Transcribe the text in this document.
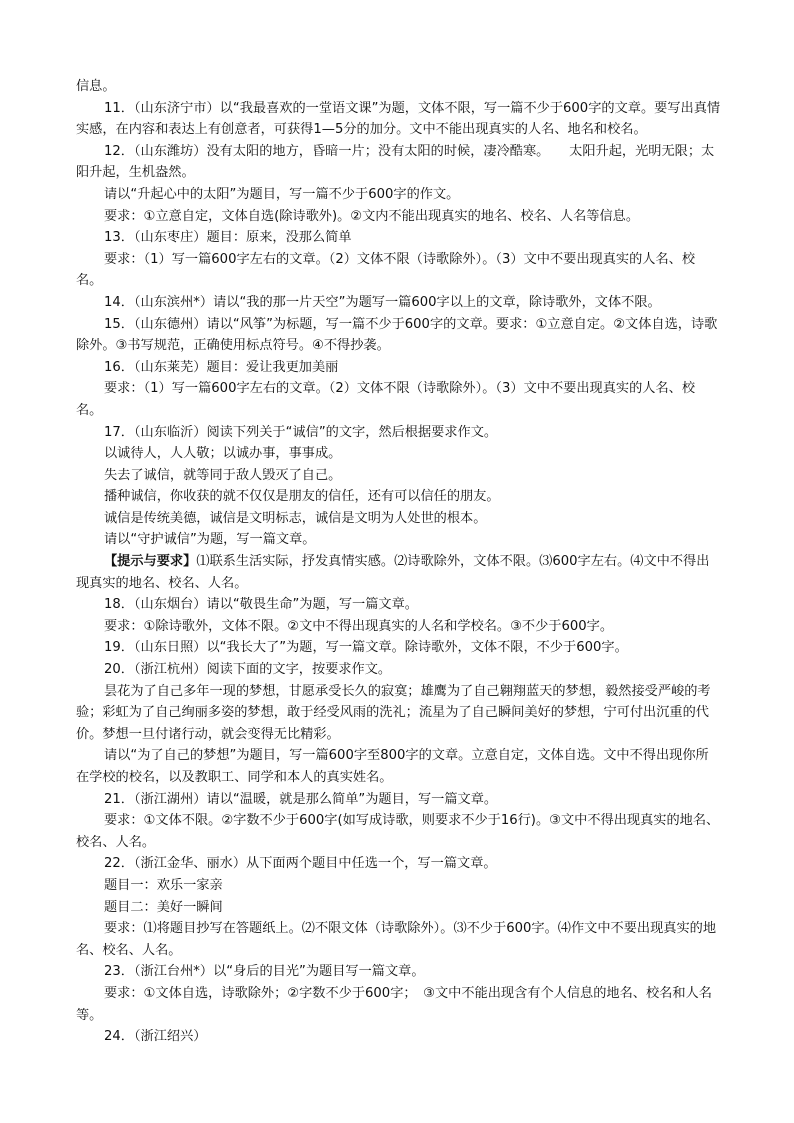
信息。

11．（山东济宁市）以“我最喜欢的一堂语文课”为题，文体不限，写一篇不少于600字的文章。要写出真情实感，在内容和表达上有创意者，可获得1—5分的加分。文中不能出现真实的人名、地名和校名。

12．（山东潍坊）没有太阳的地方，昏暗一片；没有太阳的时候，凄冷酷寒。　　太阳升起，光明无限；太阳升起，生机盎然。

请以“升起心中的太阳”为题目，写一篇不少于600字的作文。

要求：①立意自定，文体自选(除诗歌外)。②文内不能出现真实的地名、校名、人名等信息。

13．（山东枣庄）题目：原来，没那么简单

要求：（1）写一篇600字左右的文章。（2）文体不限（诗歌除外）。（3）文中不要出现真实的人名、校名。

14．（山东滨州*）请以“我的那一片天空”为题写一篇600字以上的文章，除诗歌外，文体不限。

15．（山东德州）请以“风筝”为标题，写一篇不少于600字的文章。要求：①立意自定。②文体自选，诗歌除外。③书写规范，正确使用标点符号。④不得抄袭。

16．（山东莱芜）题目：爱让我更加美丽

要求：（1）写一篇600字左右的文章。（2）文体不限（诗歌除外）。（3）文中不要出现真实的人名、校名。

17．（山东临沂）阅读下列关于“诚信”的文字，然后根据要求作文。

以诚待人，人人敬；以诚办事，事事成。

失去了诚信，就等同于敌人毁灭了自己。

播种诚信，你收获的就不仅仅是朋友的信任，还有可以信任的朋友。

诚信是传统美德，诚信是文明标志，诚信是文明为人处世的根本。

请以“守护诚信”为题，写一篇文章。

【提示与要求】⑴联系生活实际，抒发真情实感。⑵诗歌除外，文体不限。⑶600字左右。⑷文中不得出现真实的地名、校名、人名。

18．（山东烟台）请以“敬畏生命”为题，写一篇文章。

要求：①除诗歌外，文体不限。②文中不得出现真实的人名和学校名。③不少于600字。

19．（山东日照）以“我长大了”为题，写一篇文章。除诗歌外，文体不限，不少于600字。

20．（浙江杭州）阅读下面的文字，按要求作文。

昙花为了自己多年一现的梦想，甘愿承受长久的寂寞；雄鹰为了自己翱翔蓝天的梦想，毅然接受严峻的考验；彩虹为了自己绚丽多姿的梦想，敢于经受风雨的洗礼；流星为了自己瞬间美好的梦想，宁可付出沉重的代价。梦想一旦付诸行动，就会变得无比精彩。

请以“为了自己的梦想”为题目，写一篇600字至800字的文章。立意自定，文体自选。文中不得出现你所在学校的校名，以及教职工、同学和本人的真实姓名。

21．（浙江湖州）请以“温暖，就是那么简单”为题目，写一篇文章。

要求：①文体不限。②字数不少于600字(如写成诗歌，则要求不少于16行)。③文中不得出现真实的地名、校名、人名。

22．（浙江金华、丽水）从下面两个题目中任选一个，写一篇文章。

题目一：欢乐一家亲

题目二：美好一瞬间

要求：⑴将题目抄写在答题纸上。⑵不限文体（诗歌除外）。⑶不少于600字。⑷作文中不要出现真实的地名、校名、人名。

23．（浙江台州*）以“身后的目光”为题目写一篇文章。

要求：①文体自选，诗歌除外；②字数不少于600字；　③文中不能出现含有个人信息的地名、校名和人名等。

24．（浙江绍兴）
